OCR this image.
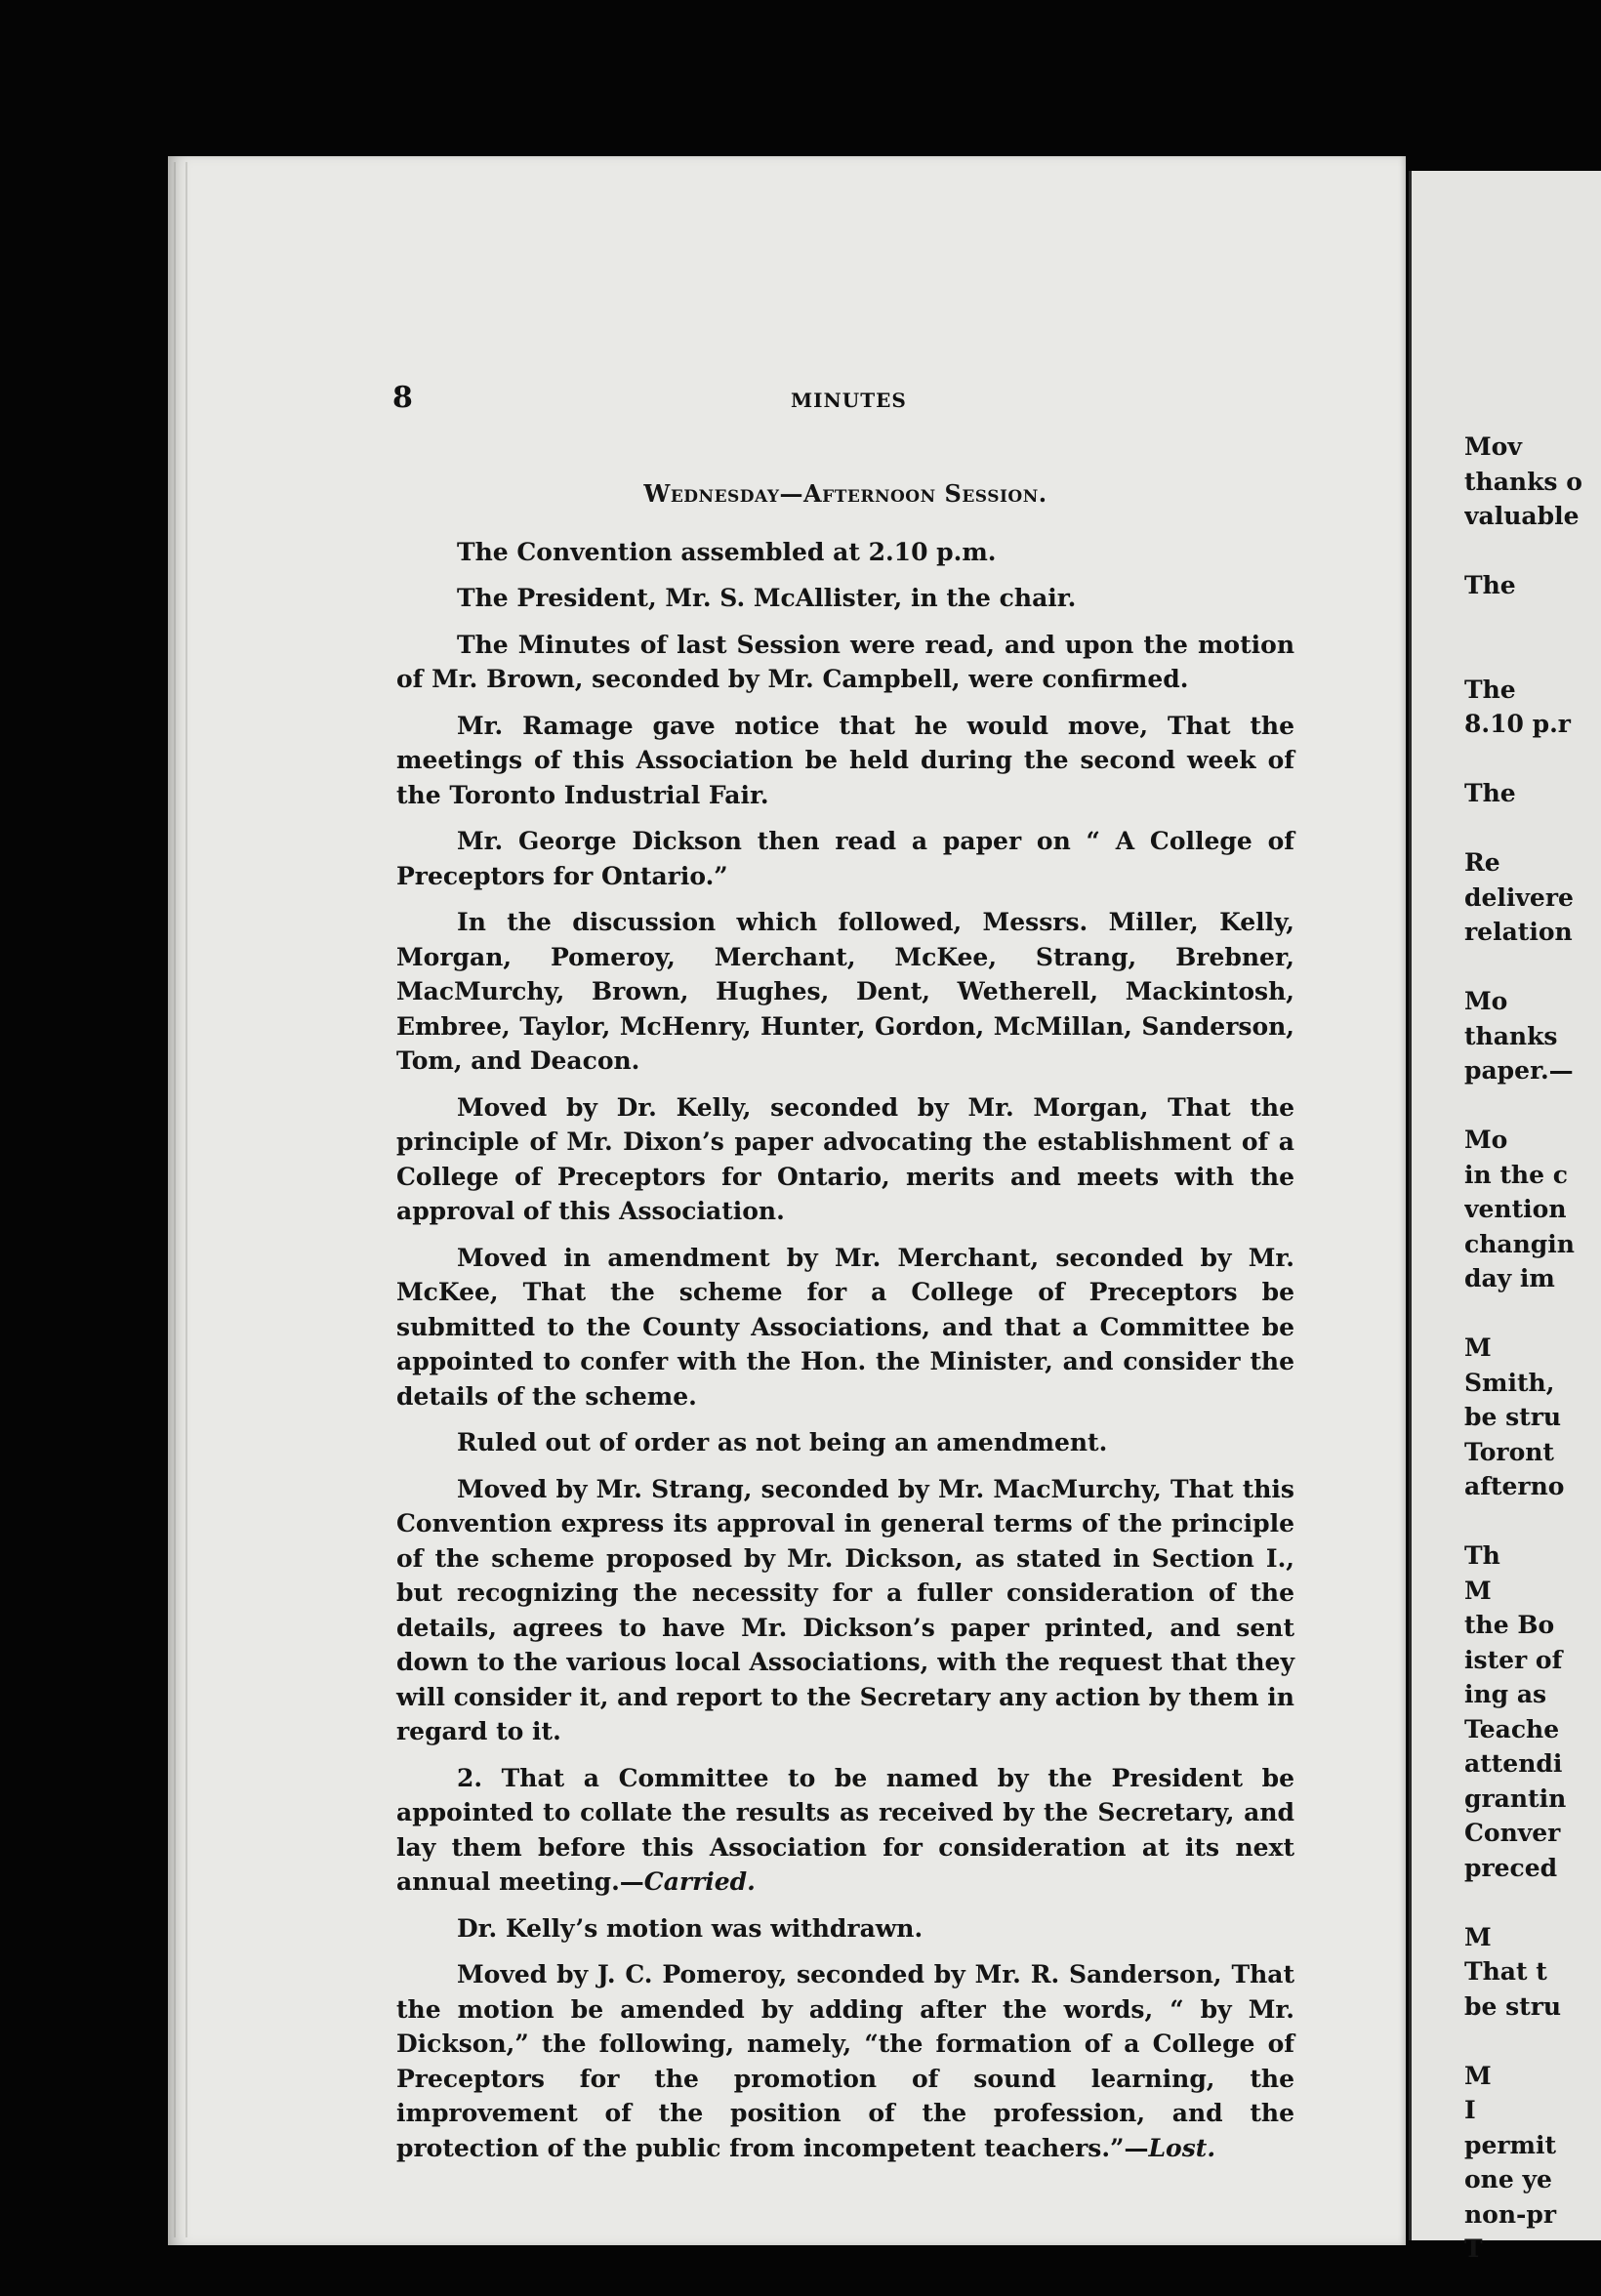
8	MINUTES
Wednesday—Afternoon Session.

The Convention assembled at 2.10 p.m.

The President, Mr. S. McAllister, in the chair.

The Minutes of last Session were read, and upon the motion of Mr. Brown, seconded by Mr. Campbell, were confirmed.

Mr. Ramage gave notice that he would move, That the meetings of this Association be held during the second week of the Toronto Industrial Fair.

Mr. George Dickson then read a paper on “ A College of Preceptors for Ontario.”

In the discussion which followed, Messrs. Miller, Kelly, Morgan, Pomeroy, Merchant, McKee, Strang, Brebner, MacMurchy, Brown, Hughes, Dent, Wetherell, Mackintosh, Embree, Taylor, McHenry, Hunter, Gordon, McMillan, Sanderson, Tom, and Deacon.

Moved by Dr. Kelly, seconded by Mr. Morgan, That the principle of Mr. Dixon’s paper advocating the establishment of a College of Preceptors for Ontario, merits and meets with the approval of this Association.

Moved in amendment by Mr. Merchant, seconded by Mr. McKee, That the scheme for a College of Preceptors be submitted to the County Associations, and that a Committee be appointed to confer with the Hon. the Minister, and consider the details of the scheme.

Ruled out of order as not being an amendment.

Moved by Mr. Strang, seconded by Mr. MacMurchy, That this Convention express its approval in general terms of the principle of the scheme proposed by Mr. Dickson, as stated in Section I., but recognizing the necessity for a fuller consideration of the details, agrees to have Mr. Dickson’s paper printed, and sent down to the various local Associations, with the request that they will consider it, and report to the Secretary any action by them in regard to it.

2. That a Committee to be named by the President be appointed to collate the results as received by the Secretary, and lay them before this Association for consideration at its next annual meeting.—Carried.

Dr. Kelly’s motion was withdrawn.

Moved by J. C. Pomeroy, seconded by Mr. R. Sanderson, That the motion be amended by adding after the words, “ by Mr. Dickson,” the following, namely, “the formation of a College of Preceptors for the promotion of sound learning, the improvement of the position of the profession, and the protection of the public from incompetent teachers.”—Lost.

Mov
thanks o
valuable
The
The
8.10 p.r
The
Re
delivere
relation
Mo
thanks
paper.—
Mo
in the c
vention
changin
day im
M
Smith,
be stru
Toront
afterno
Th
M
the Bo
ister of
ing as
Teache
attendi
grantin
Conver
preced
M
That t
be stru
M
I
permit
one ye
non-pr
T
